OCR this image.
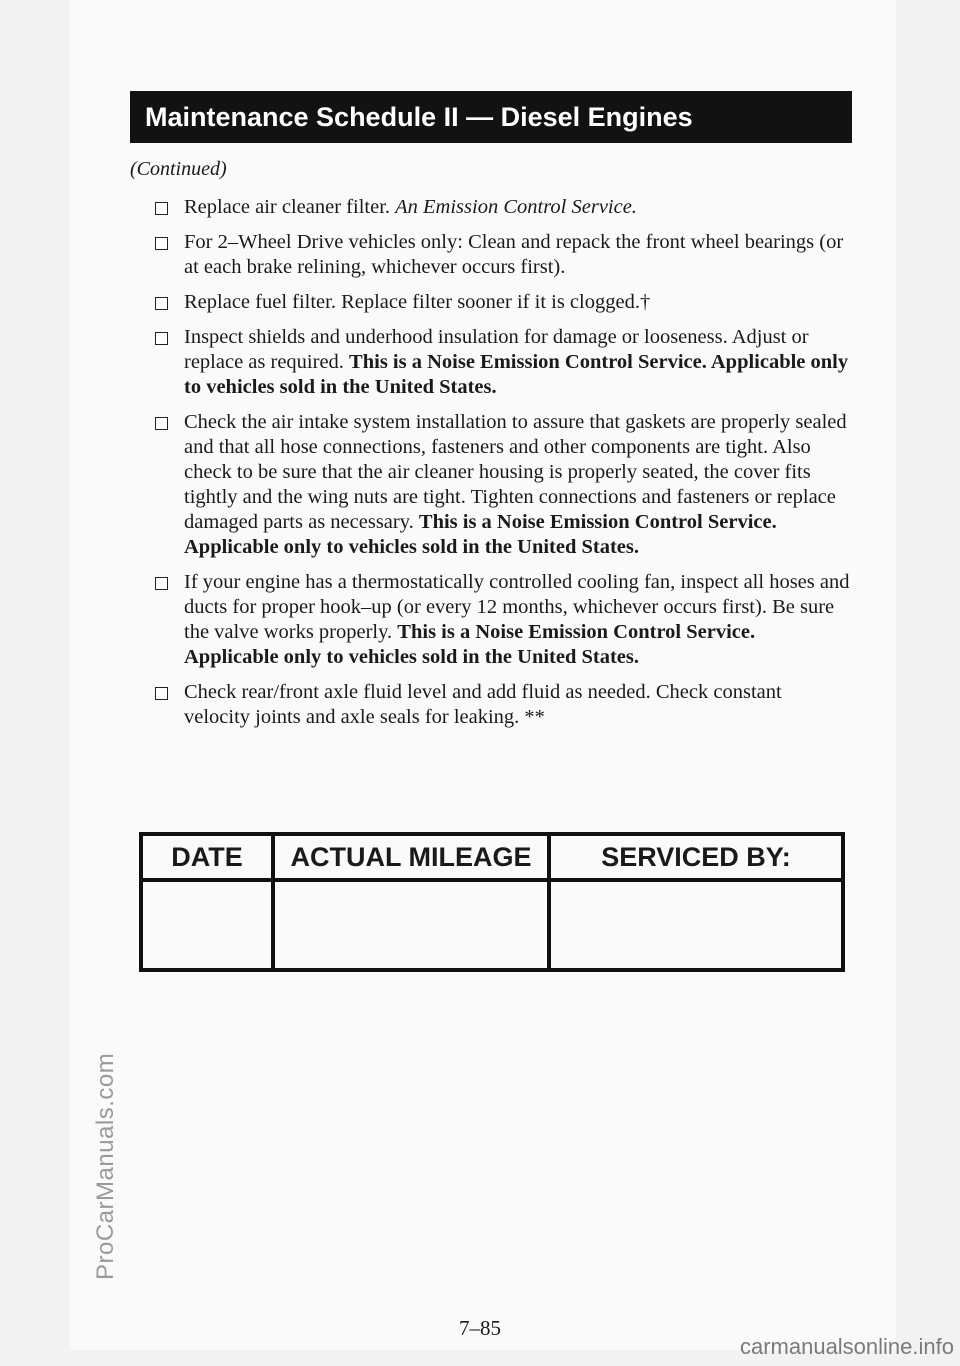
ProCarManuals.com
Maintenance Schedule II — Diesel Engines
(Continued)
Replace air cleaner filter. An Emission Control Service.
For 2–Wheel Drive vehicles only: Clean and repack the front wheel bearings (or at each brake relining, whichever occurs first).
Replace fuel filter. Replace filter sooner if it is clogged.†
Inspect shields and underhood insulation for damage or looseness. Adjust or replace as required. This is a Noise Emission Control Service. Applicable only to vehicles sold in the United States.
Check the air intake system installation to assure that gaskets are properly sealed and that all hose connections, fasteners and other components are tight. Also check to be sure that the air cleaner housing is properly seated, the cover fits tightly and the wing nuts are tight. Tighten connections and fasteners or replace damaged parts as necessary. This is a Noise Emission Control Service. Applicable only to vehicles sold in the United States.
If your engine has a thermostatically controlled cooling fan, inspect all hoses and ducts for proper hook–up (or every 12 months, whichever occurs first). Be sure the valve works properly. This is a Noise Emission Control Service. Applicable only to vehicles sold in the United States.
Check rear/front axle fluid level and add fluid as needed. Check constant velocity joints and axle seals for leaking. **
DATE	ACTUAL MILEAGE	SERVICED BY:

7–85
carmanualsonline.info
